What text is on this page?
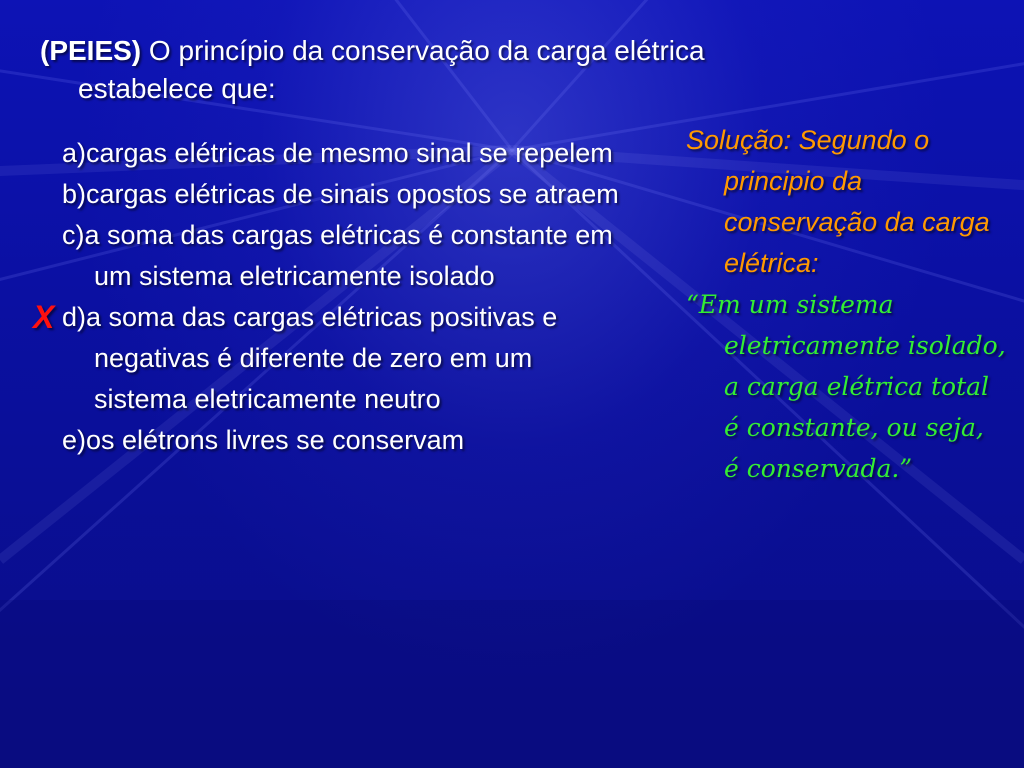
(PEIES) O princípio da conservação da carga elétrica
estabelece que:
X
a)cargas elétricas de mesmo sinal se repelem
b)cargas elétricas de sinais opostos se atraem
c)a soma das cargas elétricas é constante em um sistema eletricamente isolado
d)a soma das cargas elétricas positivas e negativas é diferente de zero em um sistema eletricamente neutro
e)os elétrons livres se conservam
Solução: Segundo o principio da conservação da carga elétrica:
“Em um sistema eletricamente isolado, a carga elétrica total é constante, ou seja, é conservada.”
